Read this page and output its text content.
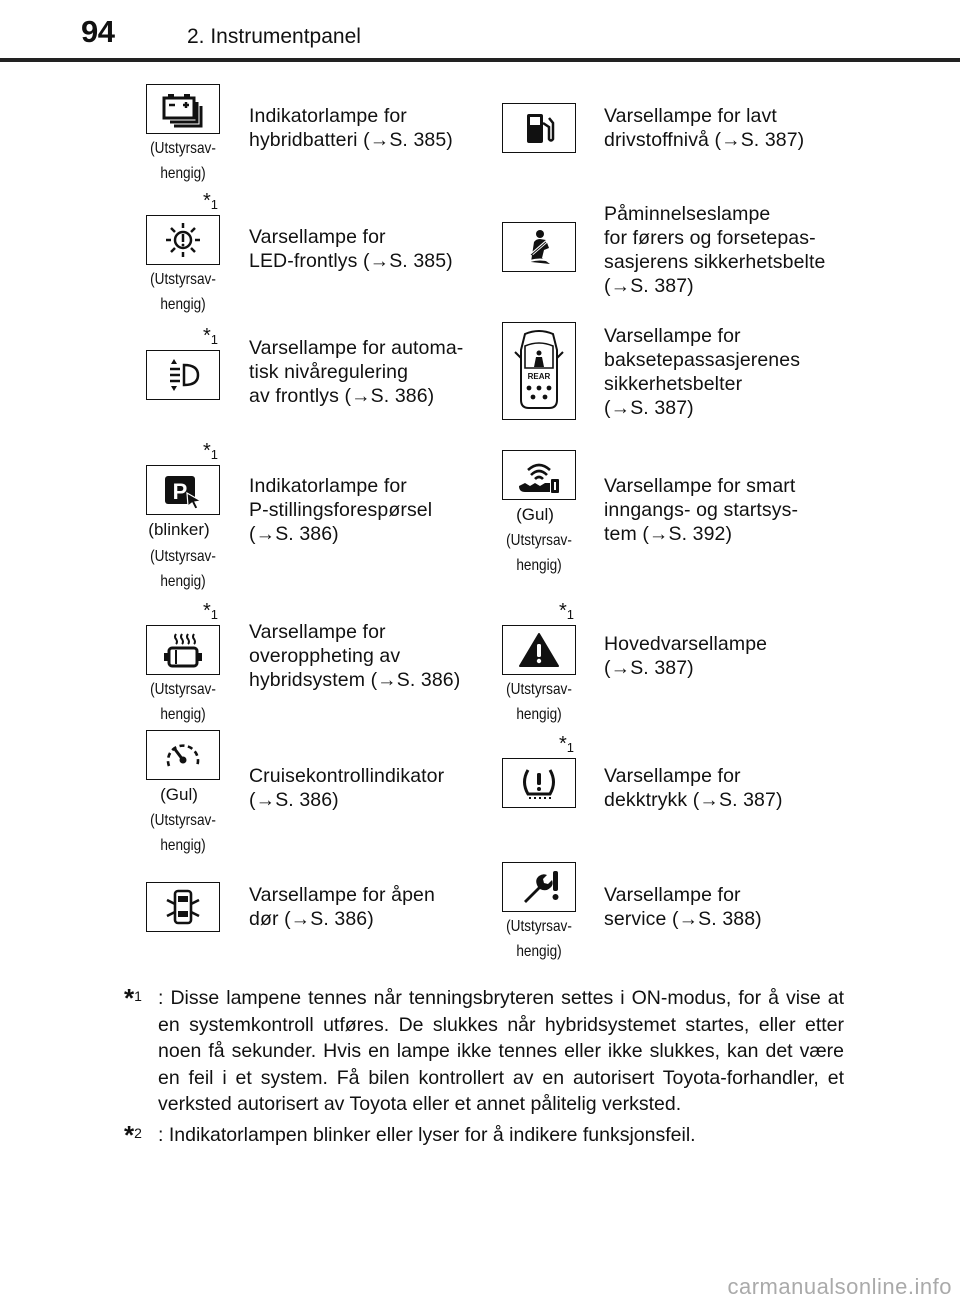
94	2. Instrumentpanel
(Utstyrsav- hengig)
Indikatorlampe for
hybridbatteri (→S. 385)
Varsellampe for lavt
drivstoffnivå (→S. 387)
$*_1$
(Utstyrsav- hengig)
Varsellampe for
LED-frontlys (→S. 385)
Påminnelseslampe
for førers og forsetepas-
sasjerens sikkerhetsbelte
(→S. 387)
$*_1$ Varsellampe for automa-
tisk nivåregulering
av frontlys (→S. 386)
REAR
Varsellampe for
baksetepassasjerenes
sikkerhetsbelter
(→S. 387)
$*_1$
P
(blinker)
(Utstyrsav- hengig)
Indikatorlampe for
P-stillingsforespørsel
(→S. 386)
(Gul)
(Utstyrsav- hengig)
Varsellampe for smart
inngangs- og startsys-
tem (→S. 392)
$*_1$
(Utstyrsav- hengig)
Varsellampe for
overoppheting av
hybridsystem (→S. 386)
$*_1$
(Utstyrsav- hengig)
Hovedvarsellampe
(→S. 387)
(Gul)
(Utstyrsav- hengig)
Cruisekontrollindikator
(→S. 386)
$*_1$
Varsellampe for
dekktrykk (→S. 387)
Varsellampe for åpen
dør (→S. 386)	(Utstyrsav- hengig)
Varsellampe for
service (→S. 388)
$*_1$ : Disse lampene tennes når tenningsbryteren settes i ON-modus, for å vise at en systemkontroll utføres. De slukkes når hybridsystemet startes, eller etter noen få sekunder. Hvis en lampe ikke tennes eller ikke slukkes, kan det være en feil i et system. Få bilen kontrollert av en autorisert Toyota-forhandler, et verksted autorisert av Toyota eller et annet pålitelig verksted.
$*_2$ : Indikatorlampen blinker eller lyser for å indikere funksjonsfeil.
carmanualsonline.info
